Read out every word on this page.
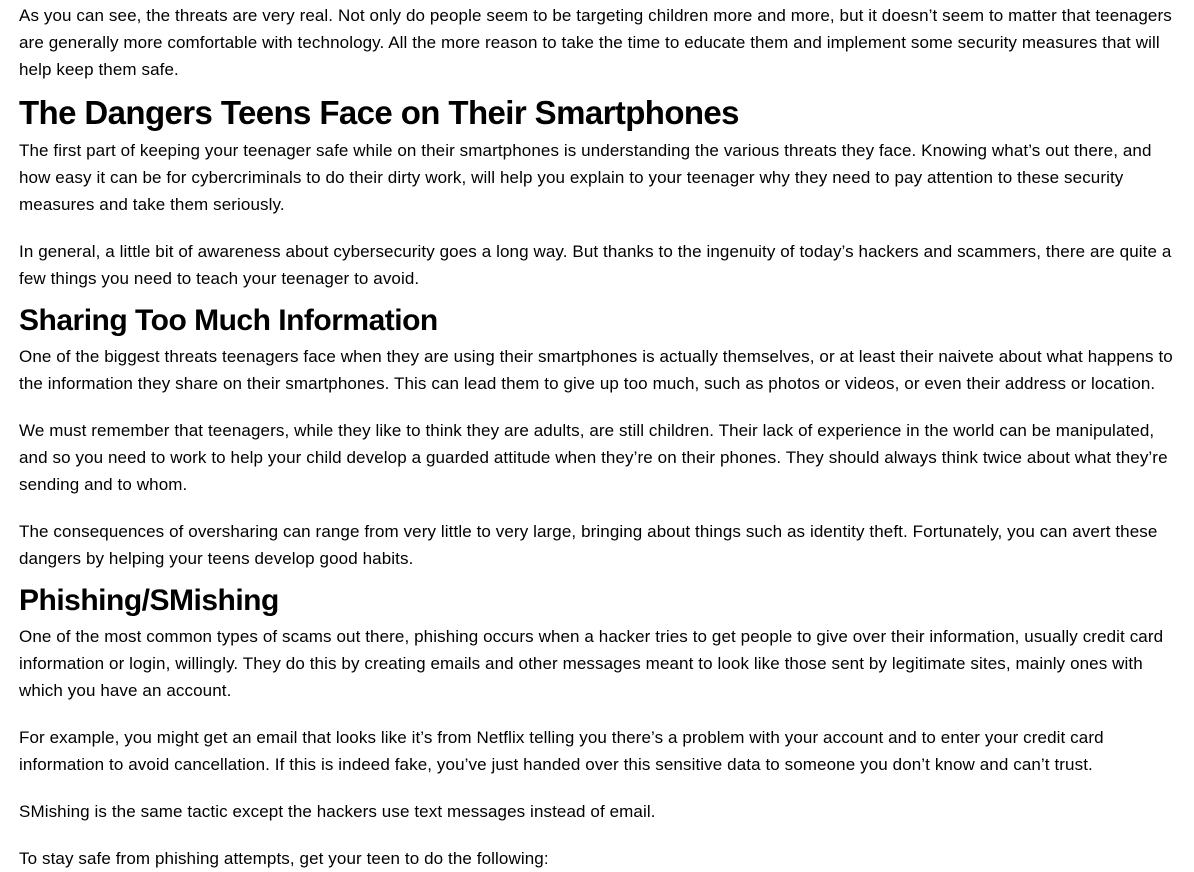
As you can see, the threats are very real. Not only do people seem to be targeting children more and more, but it doesn’t seem to matter that teenagers are generally more comfortable with technology. All the more reason to take the time to educate them and implement some security measures that will help keep them safe.

The Dangers Teens Face on Their Smartphones

The first part of keeping your teenager safe while on their smartphones is understanding the various threats they face. Knowing what’s out there, and how easy it can be for cybercriminals to do their dirty work, will help you explain to your teenager why they need to pay attention to these security measures and take them seriously.

In general, a little bit of awareness about cybersecurity goes a long way. But thanks to the ingenuity of today’s hackers and scammers, there are quite a few things you need to teach your teenager to avoid.

Sharing Too Much Information

One of the biggest threats teenagers face when they are using their smartphones is actually themselves, or at least their naivete about what happens to the information they share on their smartphones. This can lead them to give up too much, such as photos or videos, or even their address or location.

We must remember that teenagers, while they like to think they are adults, are still children. Their lack of experience in the world can be manipulated, and so you need to work to help your child develop a guarded attitude when they’re on their phones. They should always think twice about what they’re sending and to whom.

The consequences of oversharing can range from very little to very large, bringing about things such as identity theft. Fortunately, you can avert these dangers by helping your teens develop good habits.

Phishing/SMishing

One of the most common types of scams out there, phishing occurs when a hacker tries to get people to give over their information, usually credit card information or login, willingly. They do this by creating emails and other messages meant to look like those sent by legitimate sites, mainly ones with which you have an account.

For example, you might get an email that looks like it’s from Netflix telling you there’s a problem with your account and to enter your credit card information to avoid cancellation. If this is indeed fake, you’ve just handed over this sensitive data to someone you don’t know and can’t trust.

SMishing is the same tactic except the hackers use text messages instead of email.

To stay safe from phishing attempts, get your teen to do the following:
